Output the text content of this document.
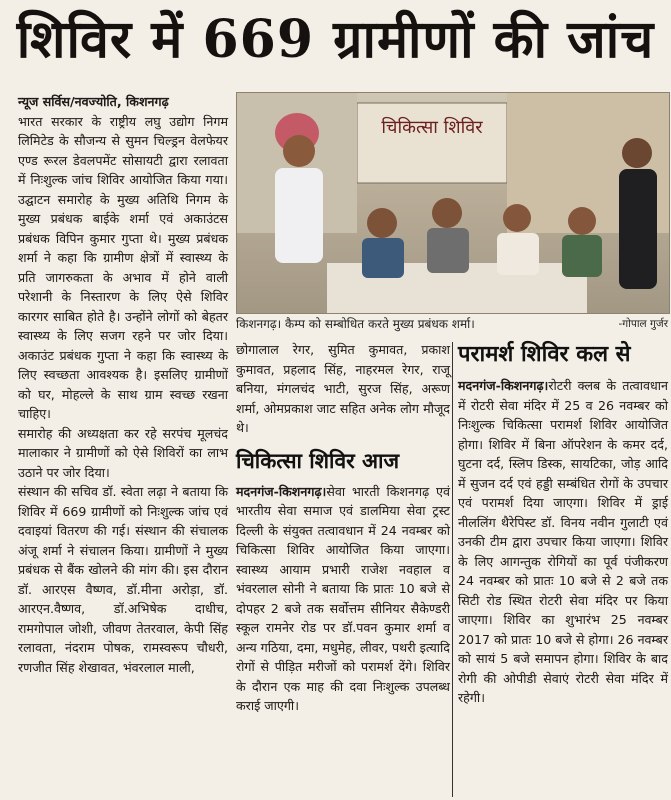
शिविर में 669 ग्रामीणों की जांच

न्यूज सर्विस/नवज्योति, किशनगढ़

भारत सरकार के राष्ट्रीय लघु उद्योग निगम लिमिटेड के सौजन्य से सुमन चिल्ड्रन वेलफेयर एण्ड रूरल डेवलपमेंट सोसायटी द्वारा रलावता में निःशुल्क जांच शिविर आयोजित किया गया। उद्घाटन समारोह के मुख्य अतिथि निगम के मुख्य प्रबंधक बाईके शर्मा एवं अकाउंटस प्रबंधक विपिन कुमार गुप्ता थे। मुख्य प्रबंधक शर्मा ने कहा कि ग्रामीण क्षेत्रों में स्वास्थ्य के प्रति जागरुकता के अभाव में होने वाली परेशानी के निस्तारण के लिए ऐसे शिविर कारगर साबित होते है। उन्होंने लोगों को बेहतर स्वास्थ्य के लिए सजग रहने पर जोर दिया। अकाउंट प्रबंधक गुप्ता ने कहा कि स्वास्थ्य के लिए स्वच्छता आवश्यक है। इसलिए ग्रामीणों को घर, मोहल्ले के साथ ग्राम स्वच्छ रखना चाहिए।

समारोह की अध्यक्षता कर रहे सरपंच मूलचंद मालाकार ने ग्रामीणों को ऐसे शिविरों का लाभ उठाने पर जोर दिया।

संस्थान की सचिव डॉ. स्वेता लढ़ा ने बताया कि शिविर में 669 ग्रामीणों को निःशुल्क जांच एवं दवाइयां वितरण की गई। संस्थान की संचालक अंजू शर्मा ने संचालन किया। ग्रामीणों ने मुख्य प्रबंधक से बैंक खोलने की मांग की। इस दौरान डॉ. आरएस वैष्णव, डॉ.मीना अरोड़ा, डॉ. आरएन.वैष्णव, डॉ.अभिषेक दाधीच, रामगोपाल जोशी, जीवण तेतरवाल, केपी सिंह रलावता, नंदराम पोषक, रामस्वरूप चौधरी, रणजीत सिंह शेखावत, भंवरलाल माली,

चिकित्सा शिविर
किशनगढ़। कैम्प को सम्बोधित करते मुख्य प्रबंधक शर्मा।	-गोपाल गुर्जर

छोगालाल रेगर, सुमित कुमावत, प्रकाश कुमावत, प्रहलाद सिंह, नाहरमल रेगर, राजू बनिया, मंगलचंद भाटी, सुरज सिंह, अरूण शर्मा, ओमप्रकाश जाट सहित अनेक लोग मौजूद थे।

चिकित्सा शिविर आज

मदनगंज-किशनगढ़।सेवा भारती किशनगढ़ एवं भारतीय सेवा समाज एवं डालमिया सेवा ट्रस्ट दिल्ली के संयुक्त तत्वावधान में 24 नवम्बर को चिकित्सा शिविर आयोजित किया जाएगा। स्वास्थ्य आयाम प्रभारी राजेश नवहाल व भंवरलाल सोनी ने बताया कि प्रातः 10 बजे से दोपहर 2 बजे तक सर्वोत्तम सीनियर सैकेण्डरी स्कूल रामनेर रोड पर डॉ.पवन कुमार शर्मा व अन्य गठिया, दमा, मधुमेह, लीवर, पथरी इत्यादि रोगों से पीड़ित मरीजों को परामर्श देंगे। शिविर के दौरान एक माह की दवा निःशुल्क उपलब्ध कराई जाएगी।

परामर्श शिविर कल से

मदनगंज-किशनगढ़।रोटरी क्लब के तत्वावधान में रोटरी सेवा मंदिर में 25 व 26 नवम्बर को निःशुल्क चिकित्सा परामर्श शिविर आयोजित होगा। शिविर में बिना ऑपरेशन के कमर दर्द, घुटना दर्द, स्लिप डिस्क, सायटिका, जोड़ आदि में सुजन दर्द एवं हड्डी सम्बंधित रोगों के उपचार एवं परामर्श दिया जाएगा। शिविर में ड्राई नीललिंग थैरेपिस्ट डॉ. विनय नवीन गुलाटी एवं उनकी टीम द्वारा उपचार किया जाएगा। शिविर के लिए आगन्तुक रोगियों का पूर्व पंजीकरण 24 नवम्बर को प्रातः 10 बजे से 2 बजे तक सिटी रोड स्थित रोटरी सेवा मंदिर पर किया जाएगा। शिविर का शुभारंभ 25 नवम्बर 2017 को प्रातः 10 बजे से होगा। 26 नवम्बर को सायं 5 बजे समापन होगा। शिविर के बाद रोगी की ओपीडी सेवाएं रोटरी सेवा मंदिर में रहेगी।
